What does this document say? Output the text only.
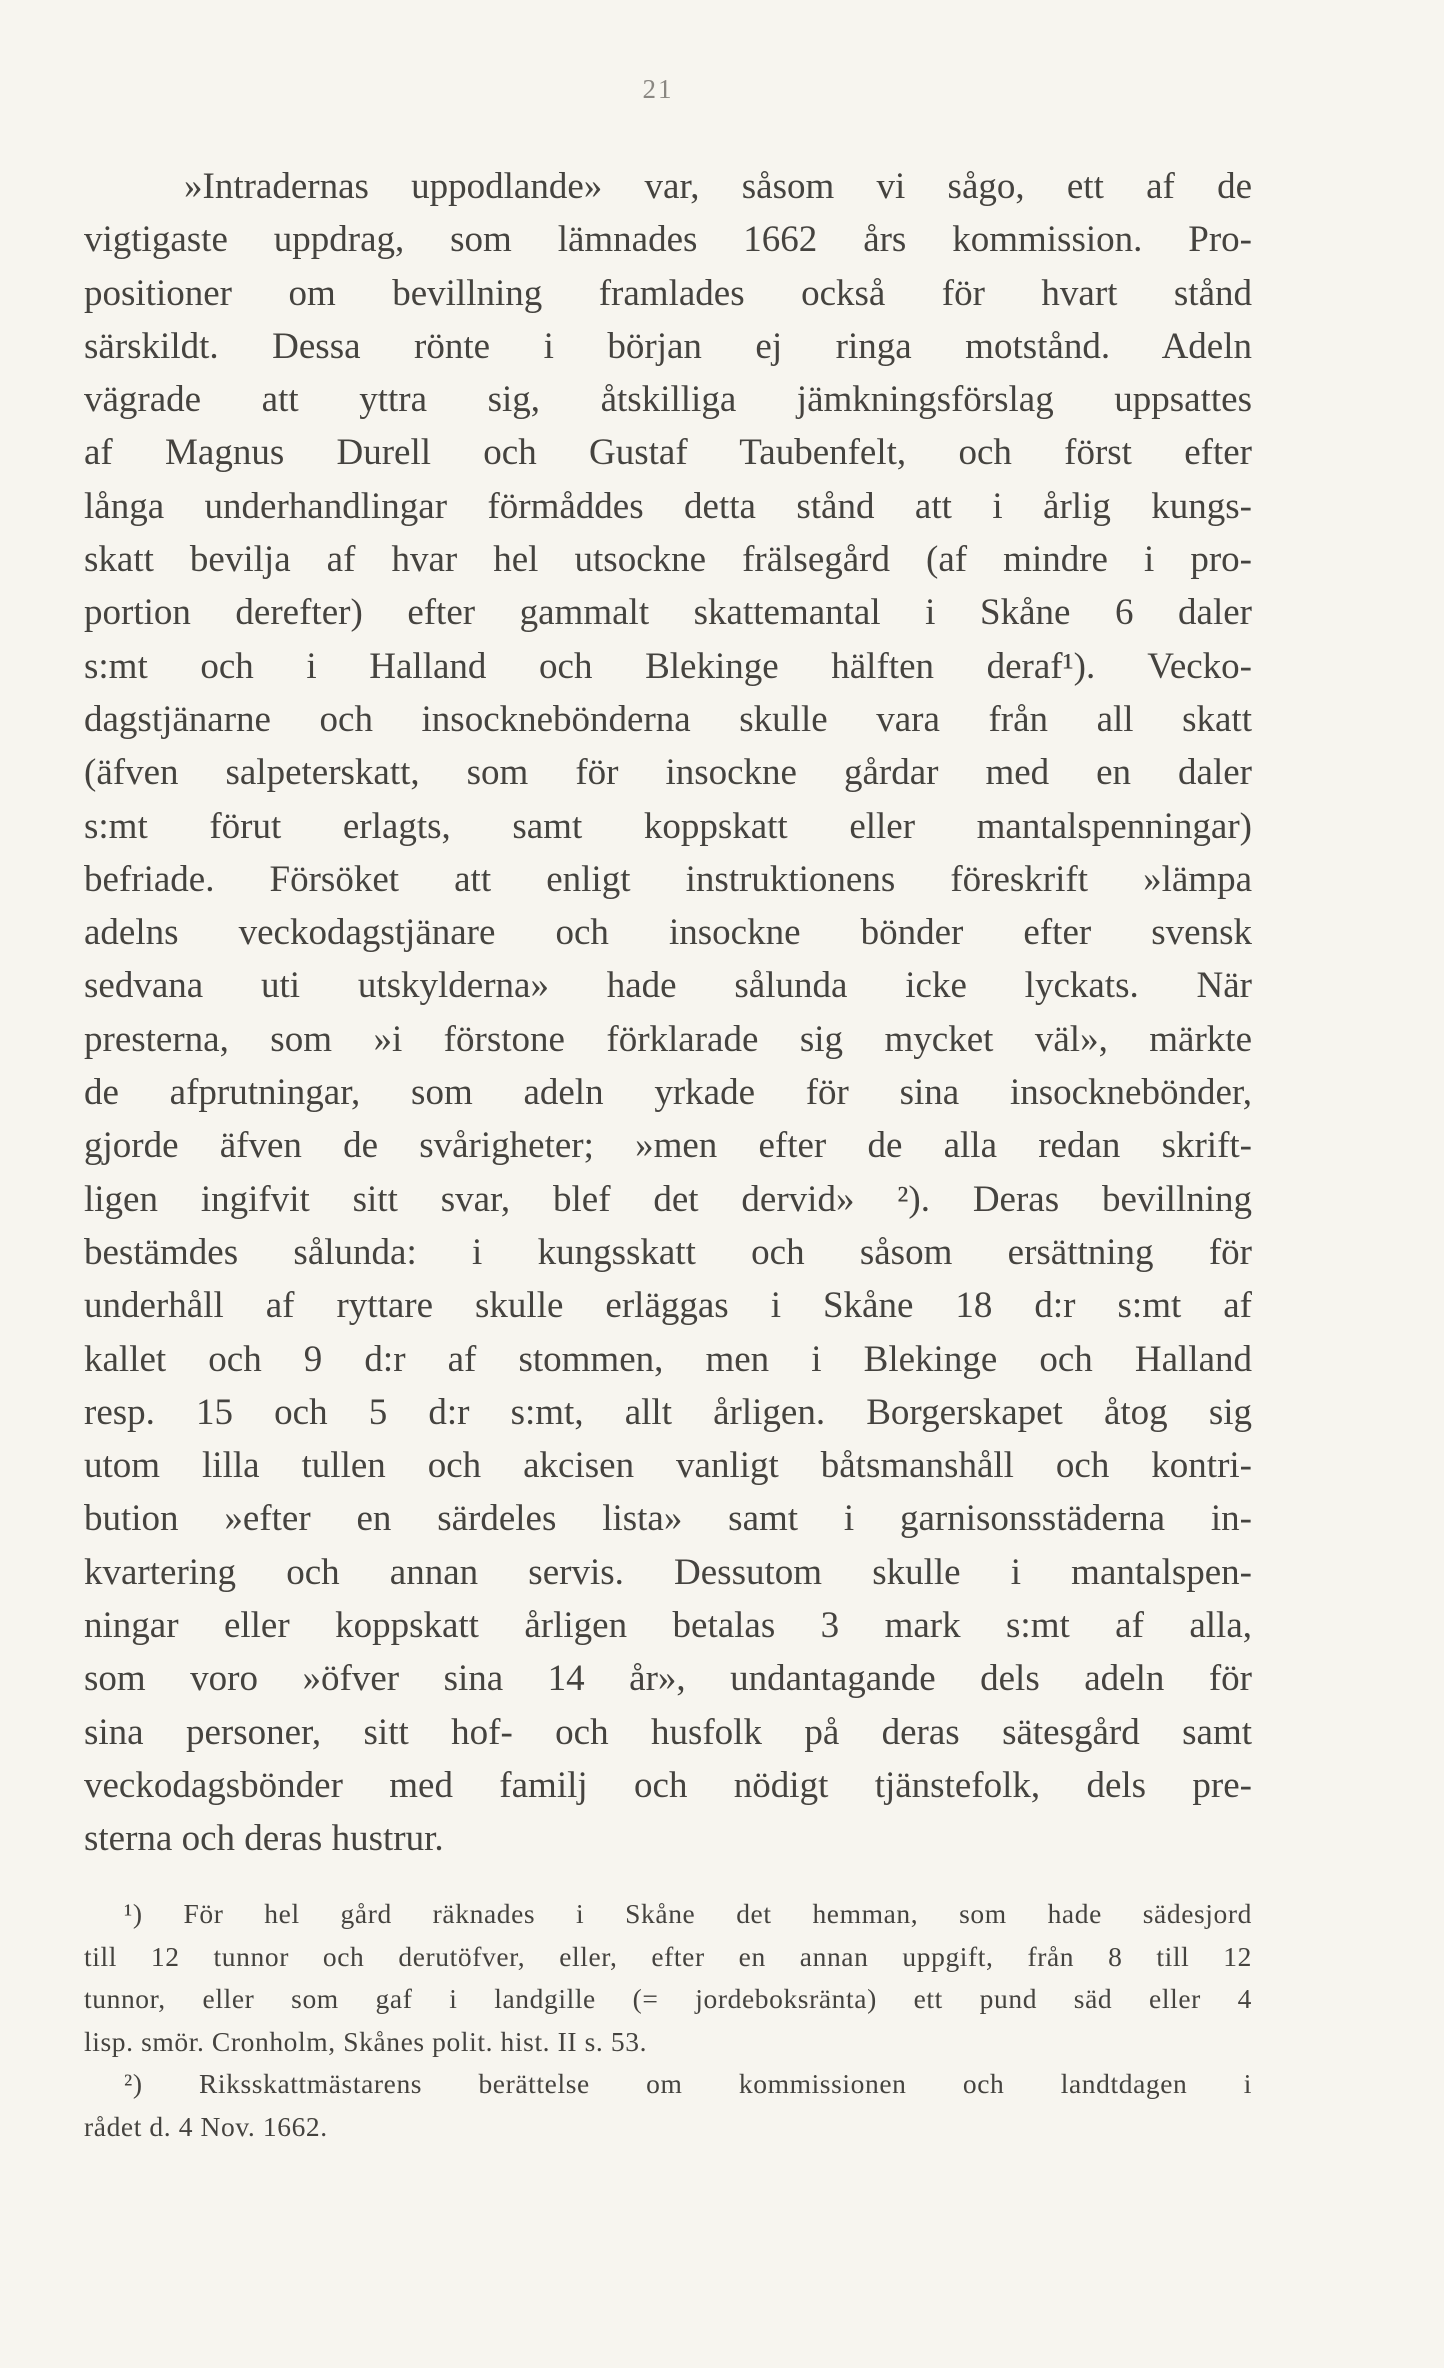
21
»Intradernas uppodlande» var, såsom vi sågo, ett af de
vigtigaste uppdrag, som lämnades 1662 års kommission. Pro-
positioner om bevillning framlades också för hvart stånd
särskildt. Dessa rönte i början ej ringa motstånd. Adeln
vägrade att yttra sig, åtskilliga jämkningsförslag uppsattes
af Magnus Durell och Gustaf Taubenfelt, och först efter
långa underhandlingar förmåddes detta stånd att i årlig kungs-
skatt bevilja af hvar hel utsockne frälsegård (af mindre i pro-
portion derefter) efter gammalt skattemantal i Skåne 6 daler
s:mt och i Halland och Blekinge hälften deraf¹). Vecko-
dagstjänarne och insocknebönderna skulle vara från all skatt
(äfven salpeterskatt, som för insockne gårdar med en daler
s:mt förut erlagts, samt koppskatt eller mantalspenningar)
befriade. Försöket att enligt instruktionens föreskrift »lämpa
adelns veckodagstjänare och insockne bönder efter svensk
sedvana uti utskylderna» hade sålunda icke lyckats. När
presterna, som »i förstone förklarade sig mycket väl», märkte
de afprutningar, som adeln yrkade för sina insocknebönder,
gjorde äfven de svårigheter; »men efter de alla redan skrift-
ligen ingifvit sitt svar, blef det dervid» ²). Deras bevillning
bestämdes sålunda: i kungsskatt och såsom ersättning för
underhåll af ryttare skulle erläggas i Skåne 18 d:r s:mt af
kallet och 9 d:r af stommen, men i Blekinge och Halland
resp. 15 och 5 d:r s:mt, allt årligen. Borgerskapet åtog sig
utom lilla tullen och akcisen vanligt båtsmanshåll och kontri-
bution »efter en särdeles lista» samt i garnisonsstäderna in-
kvartering och annan servis. Dessutom skulle i mantalspen-
ningar eller koppskatt årligen betalas 3 mark s:mt af alla,
som voro »öfver sina 14 år», undantagande dels adeln för
sina personer, sitt hof- och husfolk på deras sätesgård samt
veckodagsbönder med familj och nödigt tjänstefolk, dels pre-
sterna och deras hustrur.
¹) För hel gård räknades i Skåne det hemman, som hade sädesjord
till 12 tunnor och derutöfver, eller, efter en annan uppgift, från 8 till 12
tunnor, eller som gaf i landgille (= jordeboksränta) ett pund säd eller 4
lisp. smör. Cronholm, Skånes polit. hist. II s. 53.
²) Riksskattmästarens berättelse om kommissionen och landtdagen i
rådet d. 4 Nov. 1662.
